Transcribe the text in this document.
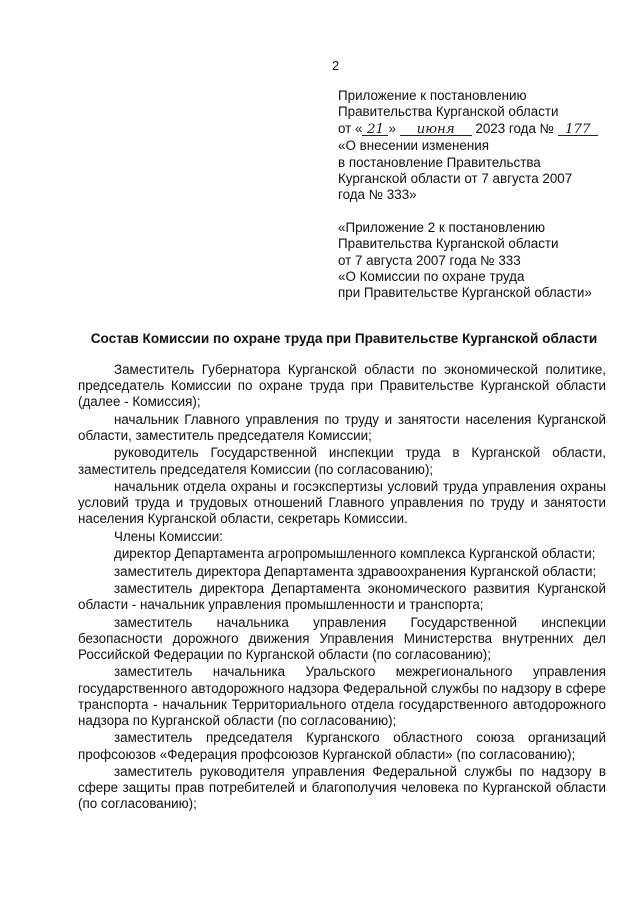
2
Приложение к постановлению
Правительства Курганской области
от « 21 » июня 2023 года № 177
«О внесении изменения
в постановление Правительства
Курганской области от 7 августа 2007
года № 333»
«Приложение 2 к постановлению
Правительства Курганской области
от 7 августа 2007 года № 333
«О Комиссии по охране труда
при Правительстве Курганской области»
Состав Комиссии по охране труда при Правительстве Курганской области

Заместитель Губернатора Курганской области по экономической политике, председатель Комиссии по охране труда при Правительстве Курганской области (далее - Комиссия);

начальник Главного управления по труду и занятости населения Курганской области, заместитель председателя Комиссии;

руководитель Государственной инспекции труда в Курганской области, заместитель председателя Комиссии (по согласованию);

начальник отдела охраны и госэкспертизы условий труда управления охраны условий труда и трудовых отношений Главного управления по труду и занятости населения Курганской области, секретарь Комиссии.

Члены Комиссии:

директор Департамента агропромышленного комплекса Курганской области;

заместитель директора Департамента здравоохранения Курганской области;

заместитель директора Департамента экономического развития Курганской области - начальник управления промышленности и транспорта;

заместитель начальника управления Государственной инспекции безопасности дорожного движения Управления Министерства внутренних дел Российской Федерации по Курганской области (по согласованию);

заместитель начальника Уральского межрегионального управления государственного автодорожного надзора Федеральной службы по надзору в сфере транспорта - начальник Территориального отдела государственного автодорожного надзора по Курганской области (по согласованию);

заместитель председателя Курганского областного союза организаций профсоюзов «Федерация профсоюзов Курганской области» (по согласованию);

заместитель руководителя управления Федеральной службы по надзору в сфере защиты прав потребителей и благополучия человека по Курганской области (по согласованию);
